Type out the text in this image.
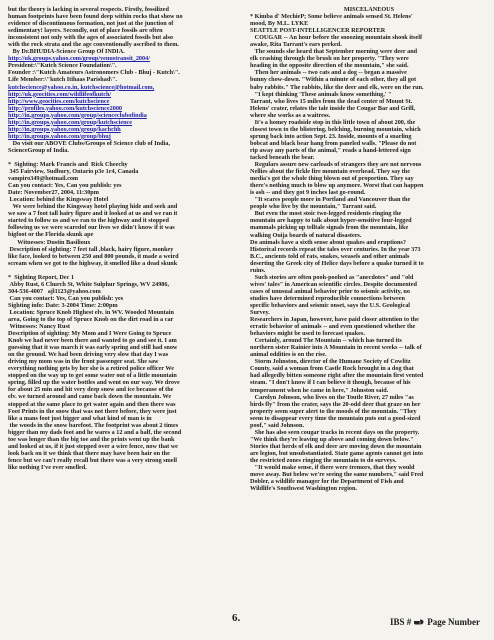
but the theory is lacking in several respects. Firstly, fossilized

human footprints have been found deep within rocks that show no

evidence of discontinuous formation, not just at the junction of

sedimentary! layers. Secondly, out of place fossils are often

inconsistent not only with the ages of associated fossils but also

with the rock strata and the age conventionally ascribed to them.

By Dr.BHUDIA-Science Group Of INDIA.

http://uk.groups.yahoo.com/group/venustransit_2004/

President:\"Kutch Science Foundation\".

Founder :\"Kutch Amateurs Astronomers Club - Bhuj - Kutch\".

Life Member:\"kutch Itihaas Parishad\".

kutchscience@yahoo.co.in, kutchscience@hotmail.com,

http://uk.geocities.com/wildlifeofkutch/

http://www.geocities.com/kutchscience

http://profiles.yahoo.com/kutchscience2000

http://in.groups.yahoo.com/group/scienceclubofindia

http://in.groups.yahoo.com/group/kutchscience

http://in.groups.yahoo.com/group/kachchh

http://in.groups.yahoo.com/group/bhuj

Do visit our ABOVE Clubs/Groups of Science club of India,

ScienceGroup of India.

*  Sighting: Mark Francis and  Rick Cheechy

345 Fairview, Sudbury, Ontario p3e 1r4, Canada

vampiro349@hotmail.com

Can you contact: Yes, Can you publish: yes

Date: November27, 2004, 11:30pm

Location: behind the Kingsway Hotel

We were behind the Kingsway hotel playing hide and seek and

we saw a 7 foot tall hairy figure and it looked at us and we ran it

started to follow us and we ran to the highway and it stopped

following us we were scaredof our lives we didn't know if it was

bigfoot or the Florida skunk ape

Witnesses: Dustin Basilioux

Description of sighting: 7 feet tall ,black, hairy figure, monkey

like face, looked to between 250 and 800 pounds, it made a weird

scream when we got to the highway, it smelled like a dead skunk

*  Sighting Report, Dec 1

Abby Rust, 6 Church St, White Sulphur Springs, WV 24986,

304-536-4007   ajl1123@yahoo.com

Can you contact: Yes, Can you publish: yes

Sighting info: Date: 3-2004 Time: 2:00pm

Location: Spruce Knob Highest elv. in WV. Wooded Mountain

area, Going to the top of Spruce Knob on the dirt road in a car

Witnesses: Nancy Rust

Description of sighting: My Mom and I Were Going to Spruce

Knob we had never been there and wanted to go and see it. I am

guessing that it was march it was early spring and still had snow

on the ground. We had been driving very slow that day I was

driving my mom was in the front passenger seat. She saw

everything nothing gets by her she is a retired police officer We

stopped on the way up to get some water out of a little mountain

spring, filled up the water bottles and went on our way. We drove

for about 25 min and hit very deep snow and ice because of the

elv. we turned around and came back down the mountain. We

stopped at the same place to get water again and then there was

Foot Prints in the snow that was not there before, they were just

like a mans foot just bigger and what kind of man is in

the woods in the snow barefoot. The footprint was about 2 times

bigger than my dads foot and he wares a 12 and a half, the second

toe was longer than the big toe and the prints went up the bank

and looked at us, if it just stepped over a wire fence, now that we

look back on it we think that there may have been hair on the

fence but we can't really recall but there was a very strong smell

like nothing I've ever smelled.

MISCELANEOUS

* Kimba d' MechieP; Some believe animals sensed St. Helens'

mood, By M.L. LYKE

SEATTLE POST-INTELLIGENCER REPORTER

COUGAR -- An hour before the snoozing mountain shook itself

awake, Rita Tarrant's ears perked.

The sounds she heard that September morning were deer and

elk crashing through the brush on her property. "They were

heading in the opposite direction of the mountain," she said.

Then her animals -- two cats and a dog -- began a massive

bunny chow-down. "Within a minute of each other, they all got

baby rabbits." The rabbits, like the deer and elk, were on the run.

"I kept thinking 'These animals know something,' "

Tarrant, who lives 15 miles from the dead center of Mount St.

Helens' crater, relates the tale inside the Cougar Bar and Grill,

where she works as a waitress.

It's a homey roadside stop in this little town of about 200, the

closest town to the blistering, belching, burning mountain, which

sprung back into action Sept. 23. Inside, mounts of a snarling

bobcat and black bear hang from paneled walls. "Please do not

rip away any parts of the animal," reads a hand-lettered sign

tacked beneath the bear.

Regulars assure new carloads of strangers they are not nervous

Nellies about the fickle fire mountain overhead. They say the

media's got the whole thing blown out of proportion. They say

there's nothing much to blow up anymore. Worst that can happen

is ash -- and they got 9 inches last go-round.

"It scares people more in Portland and Vancouver than the

people who live by the mountain," Tarrant said.

But even the most stoic two-legged residents ringing the

mountain are happy to talk about hyper-sensitive four-legged

mammals picking up telltale signals from the mountain, like

walking Ouija boards of natural disasters.

Do animals have a sixth sense about quakes and eruptions?

Historical records repeat the tales over centuries. In the year 373

B.C., ancients told of rats, snakes, weasels and other animals

deserting the Greek city of Helice days before a quake turned it to

ruins.

Such stories are often pooh-poohed as "anecdotes" and "old

wives' tales" in American scientific circles. Despite documented

cases of unusual animal behavior prior to seismic activity, no

studies have determined reproducible connections between

specific behaviors and seismic onset, says the U.S. Geological

Survey.

Researchers in Japan, however, have paid closer attention to the

erratic behavior of animals -- and even questioned whether the

behaviors might be used to forecast quakes.

Certainly, around The Mountain -- which has turned its

northern sister Rainier into A Mountain in recent weeks -- talk of

animal oddities is on the rise.

Storm Johnston, director of the Humane Society of Cowlitz

County, said a woman from Castle Rock brought in a dog that

had allegedly bitten someone right after the mountain first vented

steam. "I don't know if I can believe it though, because of his

temperament when he came in here," Johnston said.

Carolyn Johnson, who lives on the Toutle River, 27 miles "as

birds fly" from the crater, says the 20-odd deer that graze on her

property seem super alert to the moods of the mountain. "They

seem to disappear every time the mountain puts out a good-sized

poof," said Johnson.

She has also seen cougar tracks in recent days on the property.

"We think they're leaving up above and coming down below."

Stories that herds of elk and deer are moving down the mountain

are legion, but unsubstantiated. State game agents cannot get into

the restricted zones ringing the mountain to do surveys.

"It would make sense, if there were tremors, that they would

move away. But below we're seeing the same numbers," said Fred

Dobler, a wildlife manager for the Department of Fish and

Wildlife's Southwest Washington region.

6.	IBS # Page Number
